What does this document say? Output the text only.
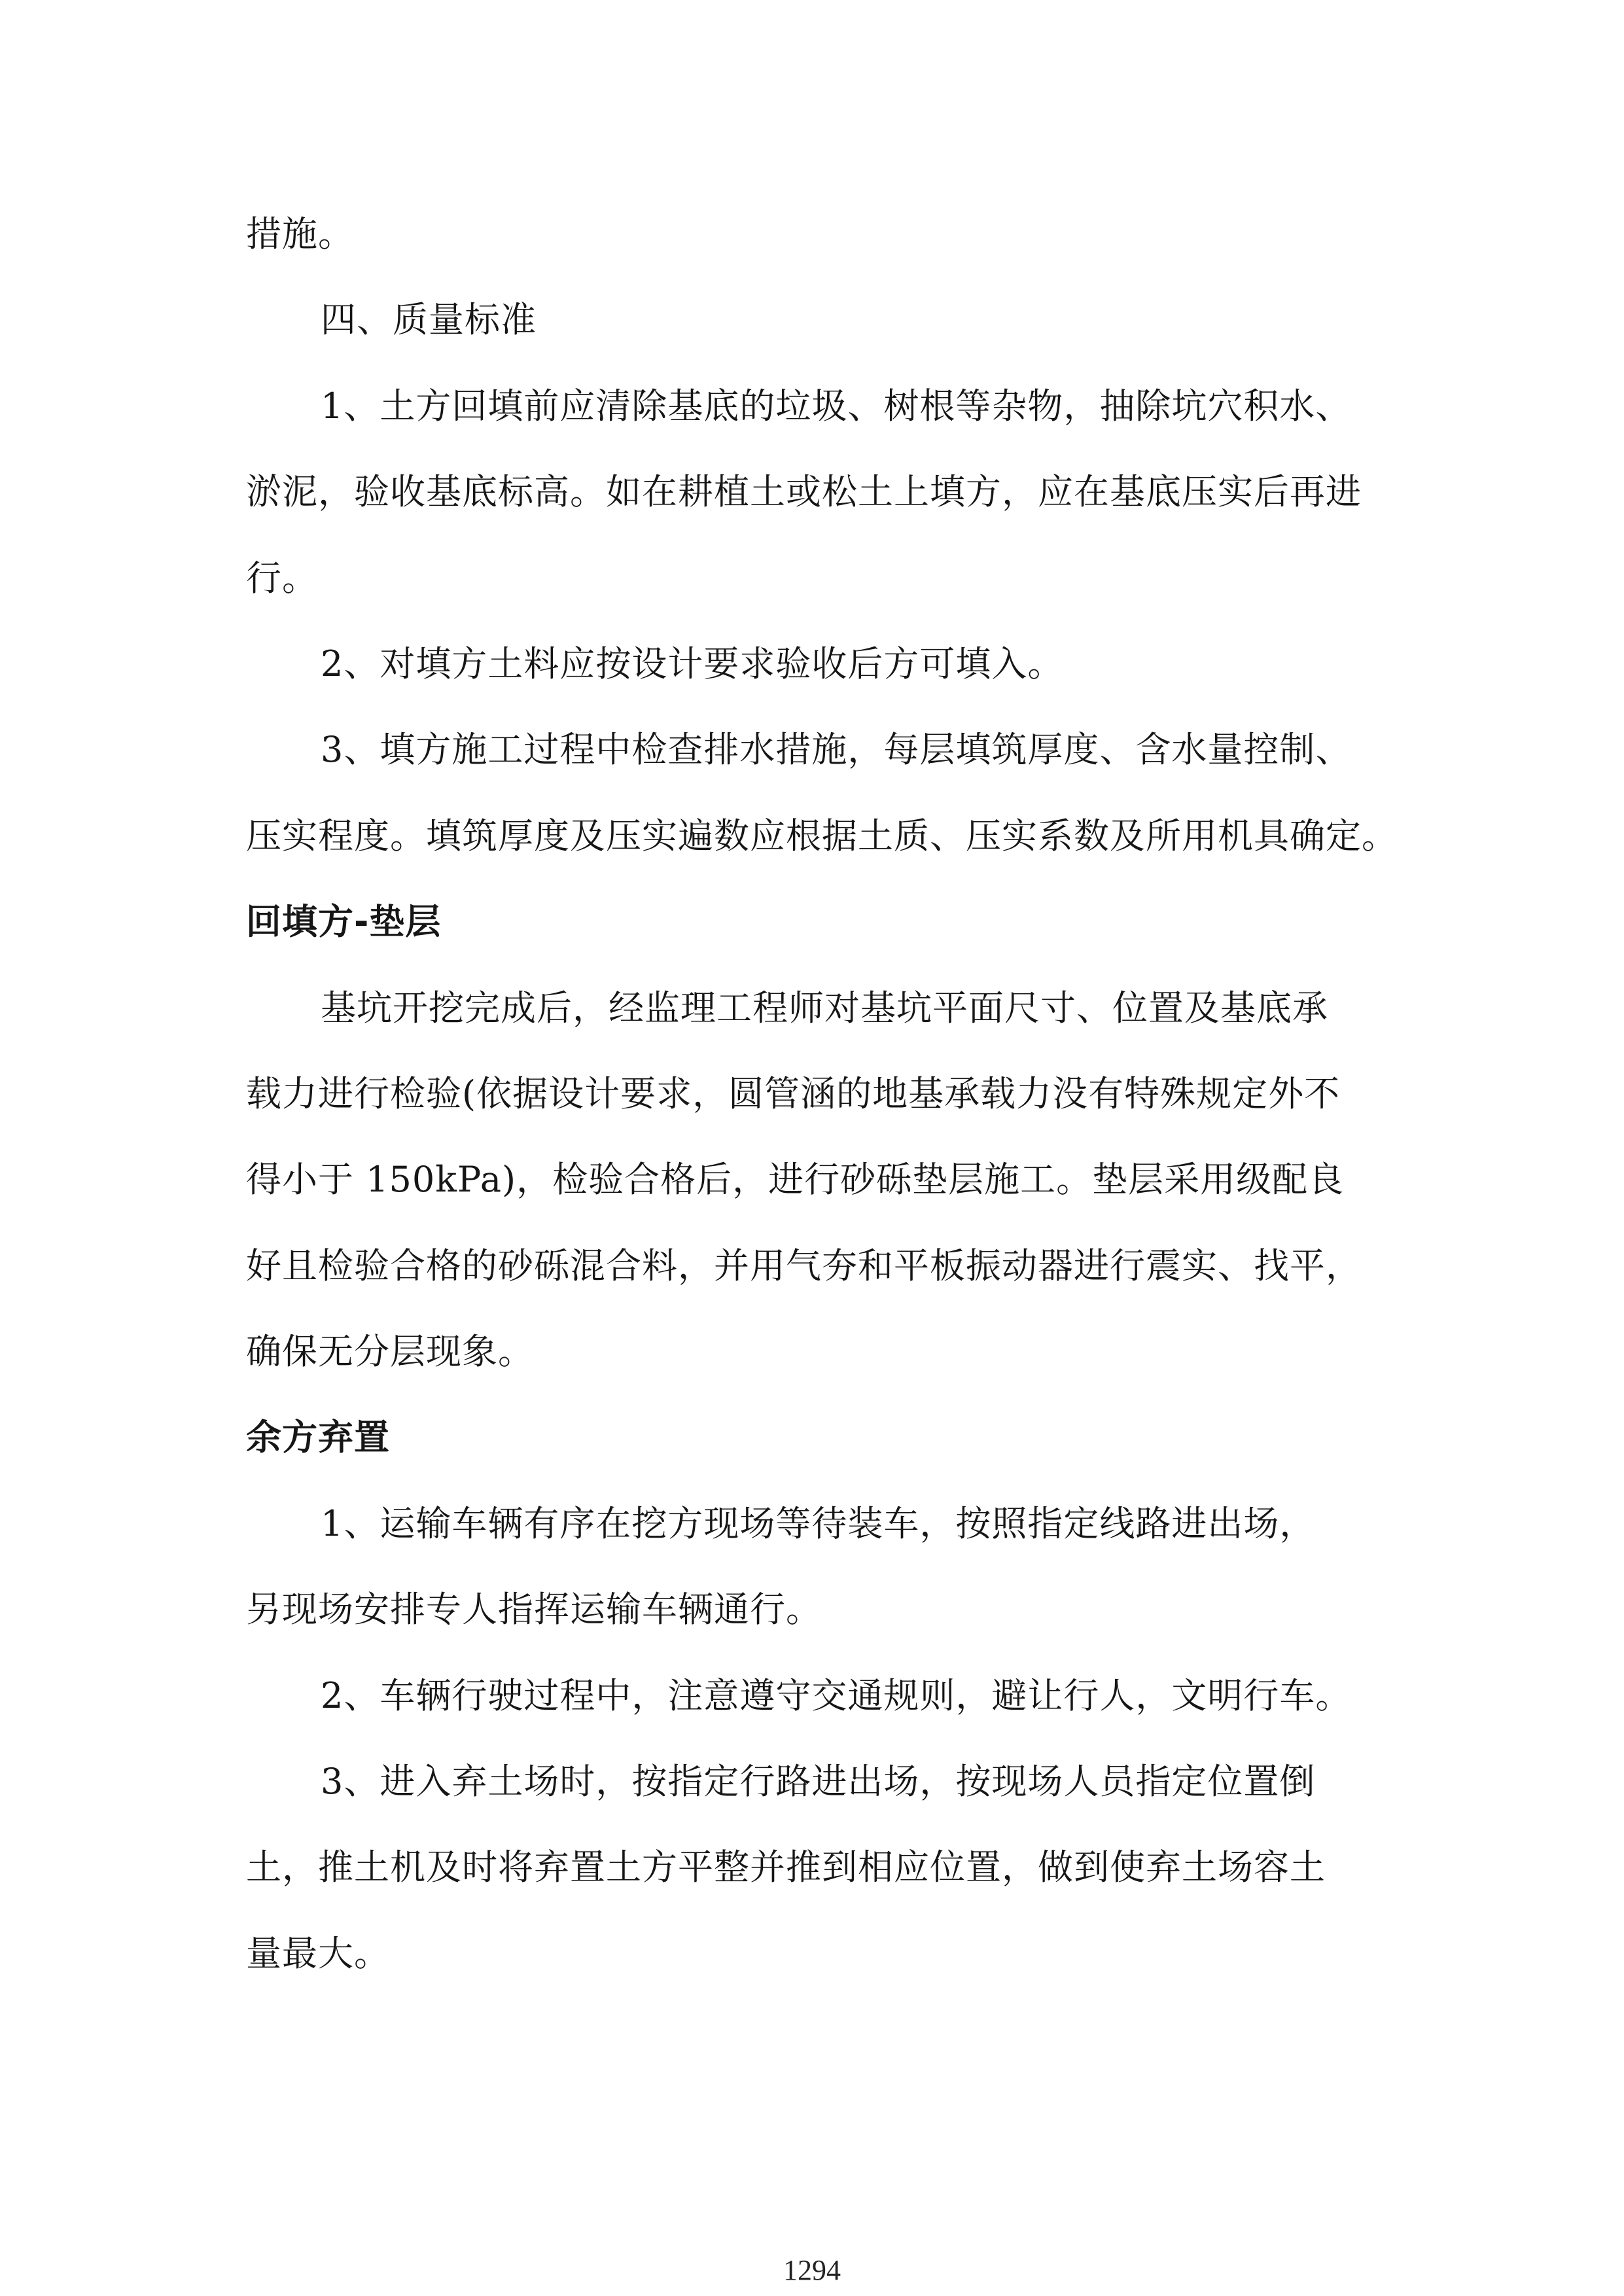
措施。
四、质量标准
1、土方回填前应清除基底的垃圾、树根等杂物，抽除坑穴积水、
淤泥，验收基底标高。如在耕植土或松土上填方，应在基底压实后再进
行。
2、对填方土料应按设计要求验收后方可填入。
3、填方施工过程中检查排水措施，每层填筑厚度、含水量控制、
压实程度。填筑厚度及压实遍数应根据土质、压实系数及所用机具确定。
回填方-垫层
基坑开挖完成后，经监理工程师对基坑平面尺寸、位置及基底承
载力进行检验(依据设计要求，圆管涵的地基承载力没有特殊规定外不
得小于 150kPa)，检验合格后，进行砂砾垫层施工。垫层采用级配良
好且检验合格的砂砾混合料，并用气夯和平板振动器进行震实、找平，
确保无分层现象。
余方弃置
1、运输车辆有序在挖方现场等待装车，按照指定线路进出场，
另现场安排专人指挥运输车辆通行。
2、车辆行驶过程中，注意遵守交通规则，避让行人，文明行车。
3、进入弃土场时，按指定行路进出场，按现场人员指定位置倒
土，推土机及时将弃置土方平整并推到相应位置，做到使弃土场容土
量最大。
1294
